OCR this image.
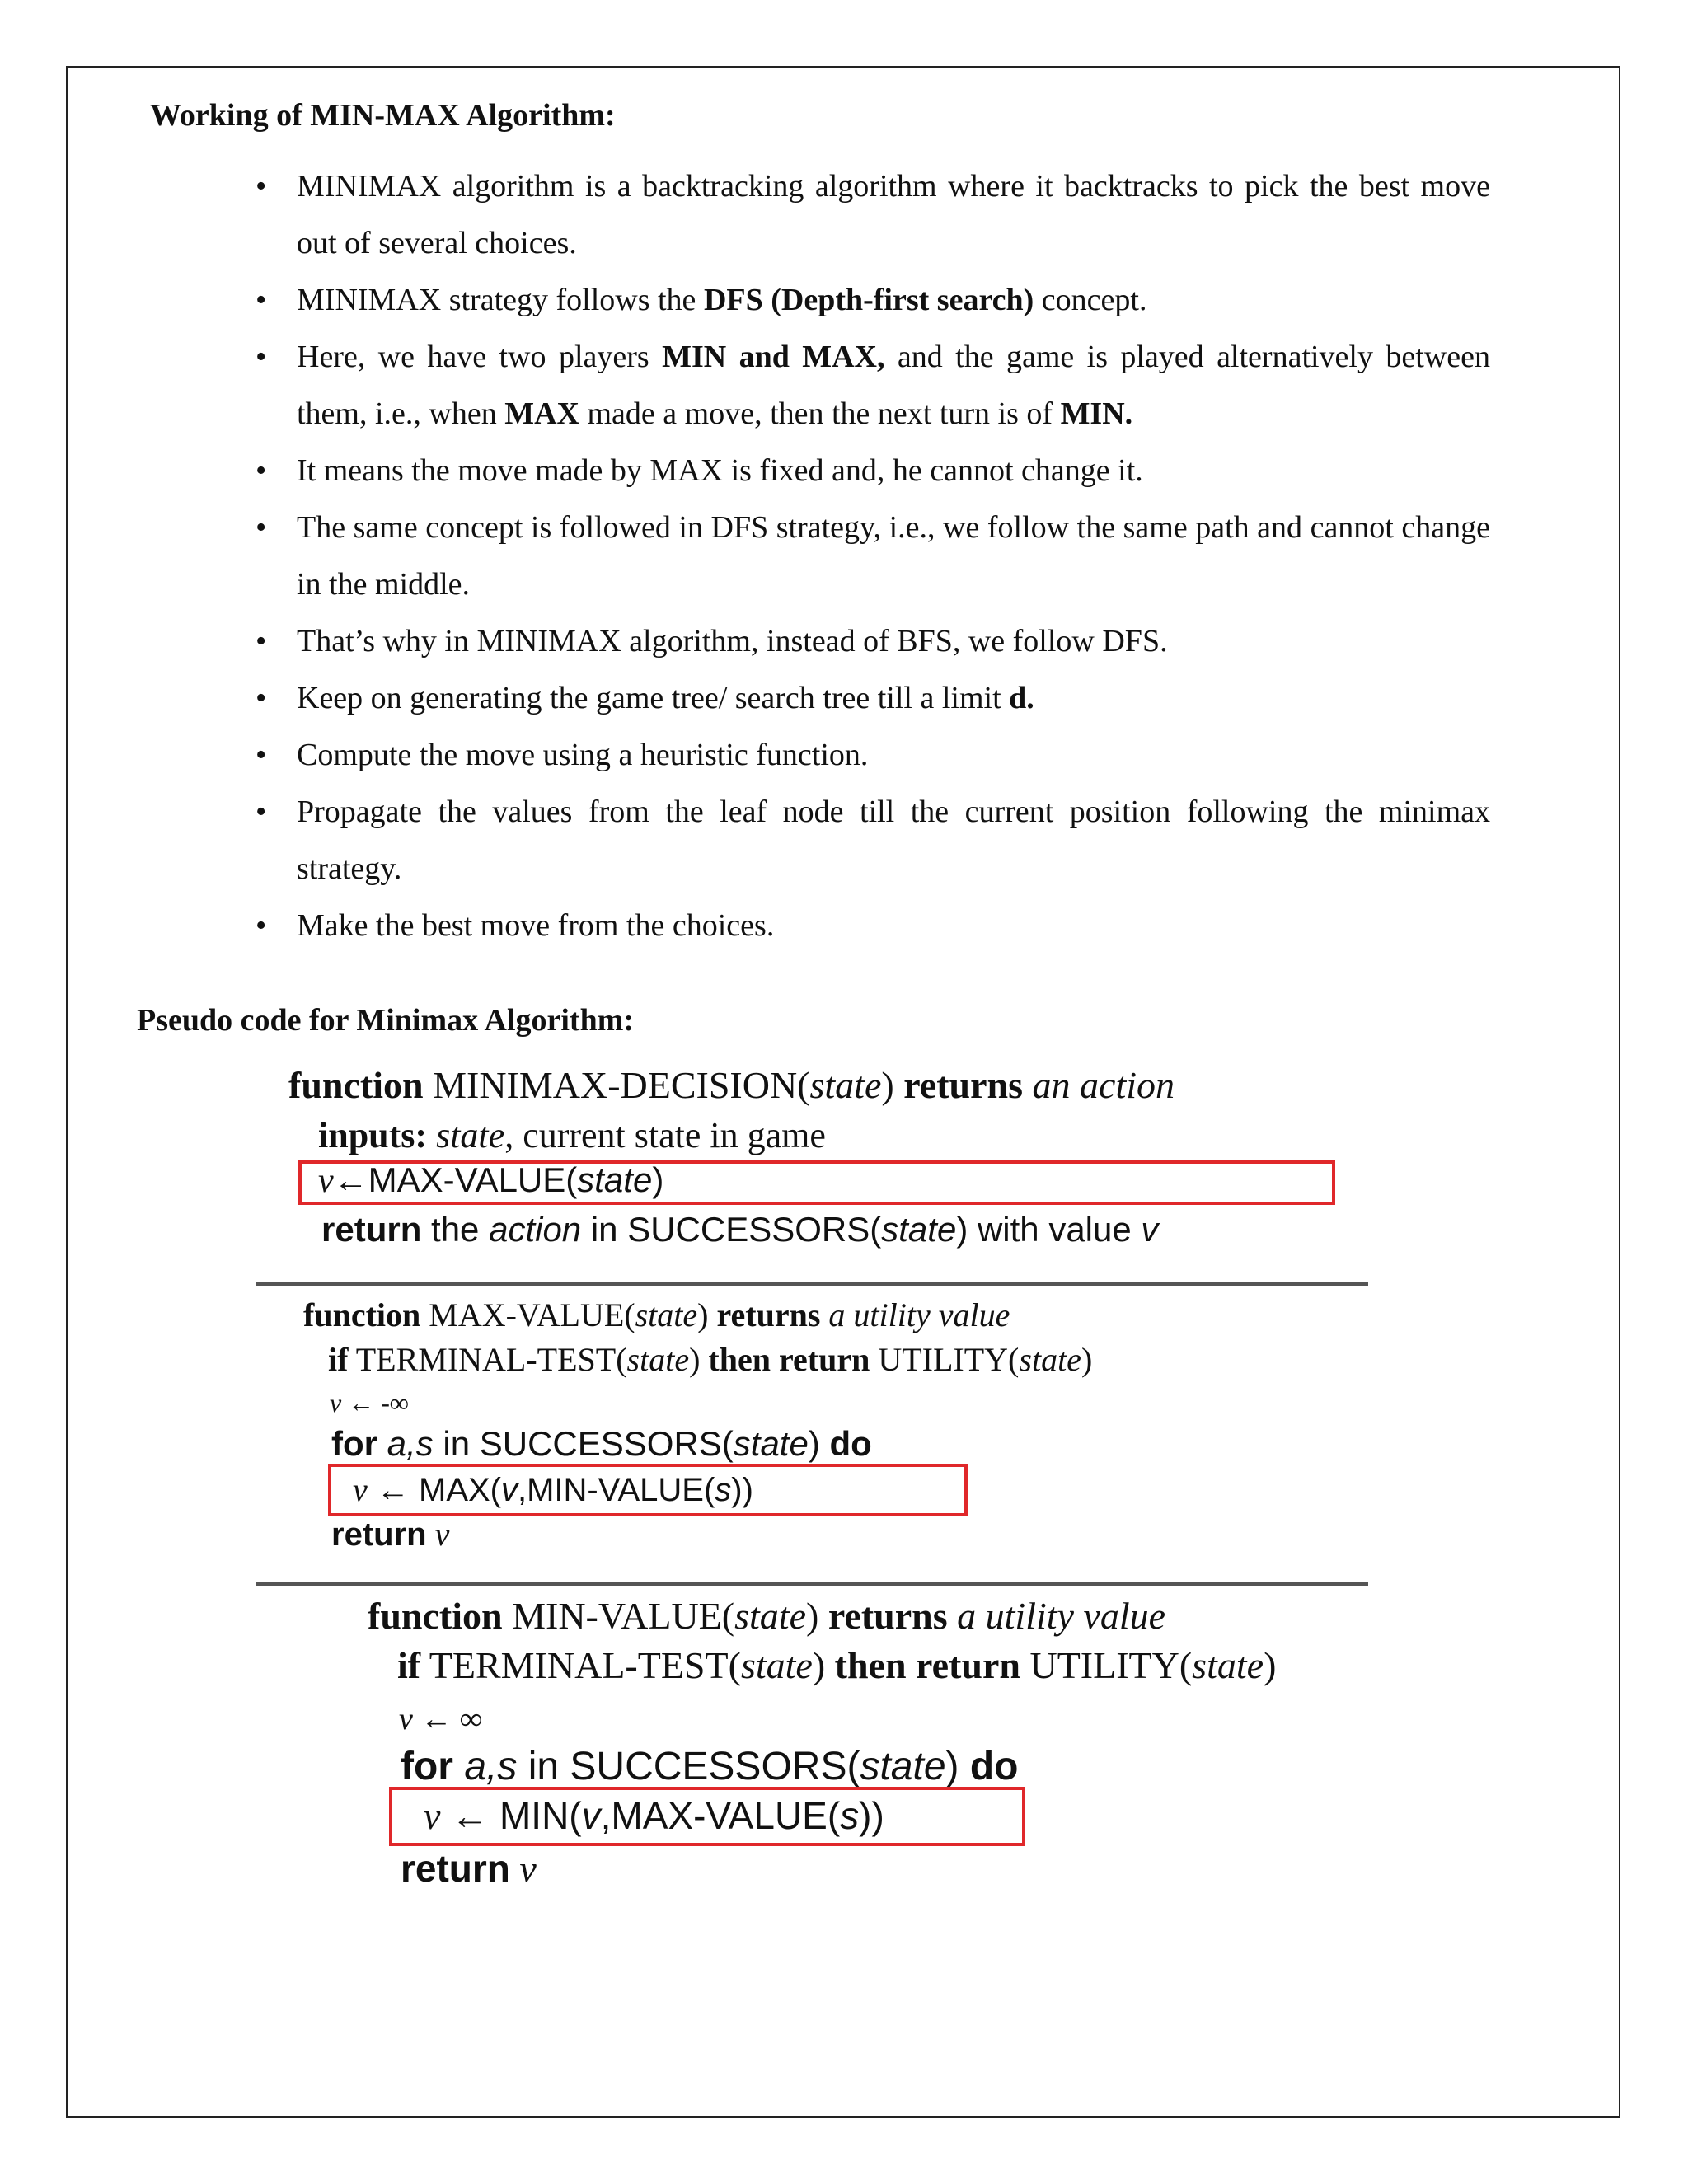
Working of MIN-MAX Algorithm:
• MINIMAX algorithm is a backtracking algorithm where it backtracks to pick the best move out of several choices.
• MINIMAX strategy follows the DFS (Depth-first search) concept.
• Here, we have two players MIN and MAX, and the game is played alternatively between them, i.e., when MAX made a move, then the next turn is of MIN.
• It means the move made by MAX is fixed and, he cannot change it.
• The same concept is followed in DFS strategy, i.e., we follow the same path and cannot change in the middle.
• That’s why in MINIMAX algorithm, instead of BFS, we follow DFS.
• Keep on generating the game tree/ search tree till a limit d.
• Compute the move using a heuristic function.
• Propagate the values from the leaf node till the current position following the minimax strategy.
• Make the best move from the choices.
Pseudo code for Minimax Algorithm:
function MINIMAX-DECISION(state) returns an action
inputs: state, current state in game
v←MAX-VALUE(state)
return the action in SUCCESSORS(state) with value v
function MAX-VALUE(state) returns a utility value
if TERMINAL-TEST(state) then return UTILITY(state)
v ← -∞
for a,s in SUCCESSORS(state) do
v ← MAX(v,MIN-VALUE(s))
return v
function MIN-VALUE(state) returns a utility value
if TERMINAL-TEST(state) then return UTILITY(state)
v ← ∞
for a,s in SUCCESSORS(state) do
v ← MIN(v,MAX-VALUE(s))
return v
